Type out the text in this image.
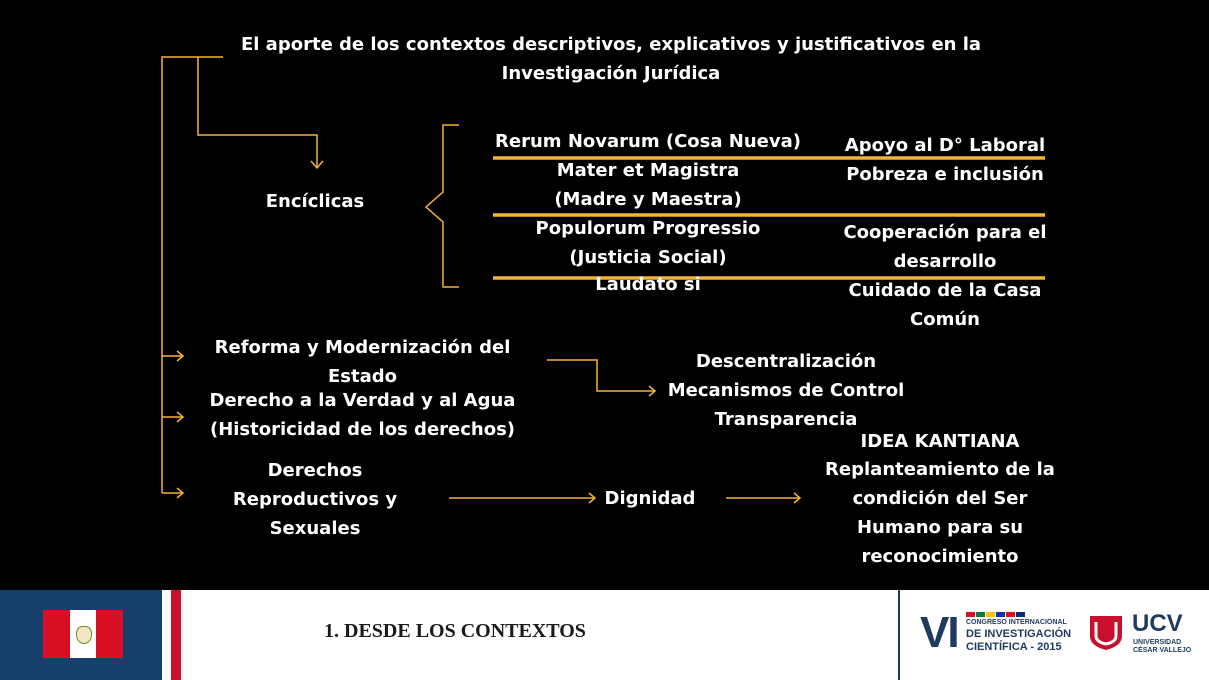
El aporte de los contextos descriptivos, explicativos y justificativos en la
Investigación Jurídica
Encíclicas
Rerum Novarum (Cosa Nueva)
Mater et Magistra
(Madre y Maestra)
Populorum Progressio
(Justicia Social)
Laudato si
Apoyo al D° Laboral
Pobreza e inclusión
Cooperación para el
desarrollo
Cuidado de la Casa
Común
Reforma y Modernización del
Estado
Derecho a la Verdad y al Agua
(Historicidad de los derechos)
Descentralización
Mecanismos de Control
Transparencia
Derechos
Reproductivos y
Sexuales
Dignidad
IDEA KANTIANA
Replanteamiento de la
condición del Ser
Humano para su
reconocimiento
1. DESDE LOS CONTEXTOS	VI CONGRESO INTERNACIONAL
DE INVESTIGACIÓN
CIENTÍFICA - 2015
UCV
UNIVERSIDAD
CÉSAR VALLEJO
